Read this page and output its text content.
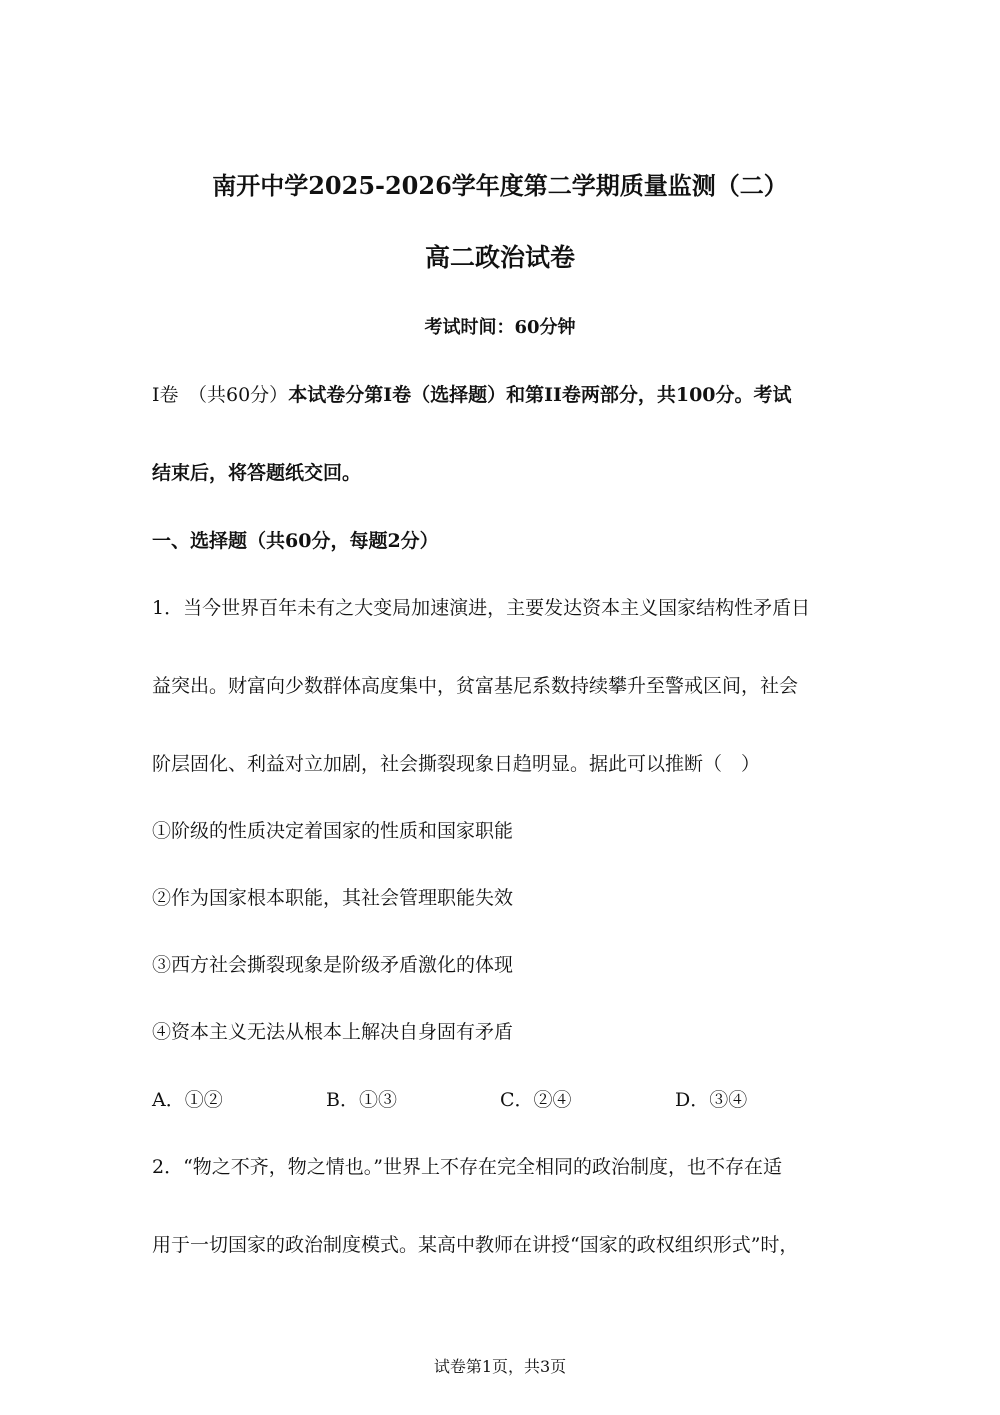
南开中学2025-2026学年度第二学期质量监测（二）
高二政治试卷
考试时间：60分钟
I卷　（共60分）本试卷分第I卷（选择题）和第II卷两部分，共100分。考试
结束后，将答题纸交回。
一、选择题（共60分，每题2分）
1．当今世界百年未有之大变局加速演进，主要发达资本主义国家结构性矛盾日
益突出。财富向少数群体高度集中，贫富基尼系数持续攀升至警戒区间，社会
阶层固化、利益对立加剧，社会撕裂现象日趋明显。据此可以推断（　）
①阶级的性质决定着国家的性质和国家职能
②作为国家根本职能，其社会管理职能失效
③西方社会撕裂现象是阶级矛盾激化的体现
④资本主义无法从根本上解决自身固有矛盾
A．①②	B．①③	C．②④	D．③④
2．“物之不齐，物之情也。”世界上不存在完全相同的政治制度，也不存在适
用于一切国家的政治制度模式。某高中教师在讲授“国家的政权组织形式”时，
试卷第1页，共3页
